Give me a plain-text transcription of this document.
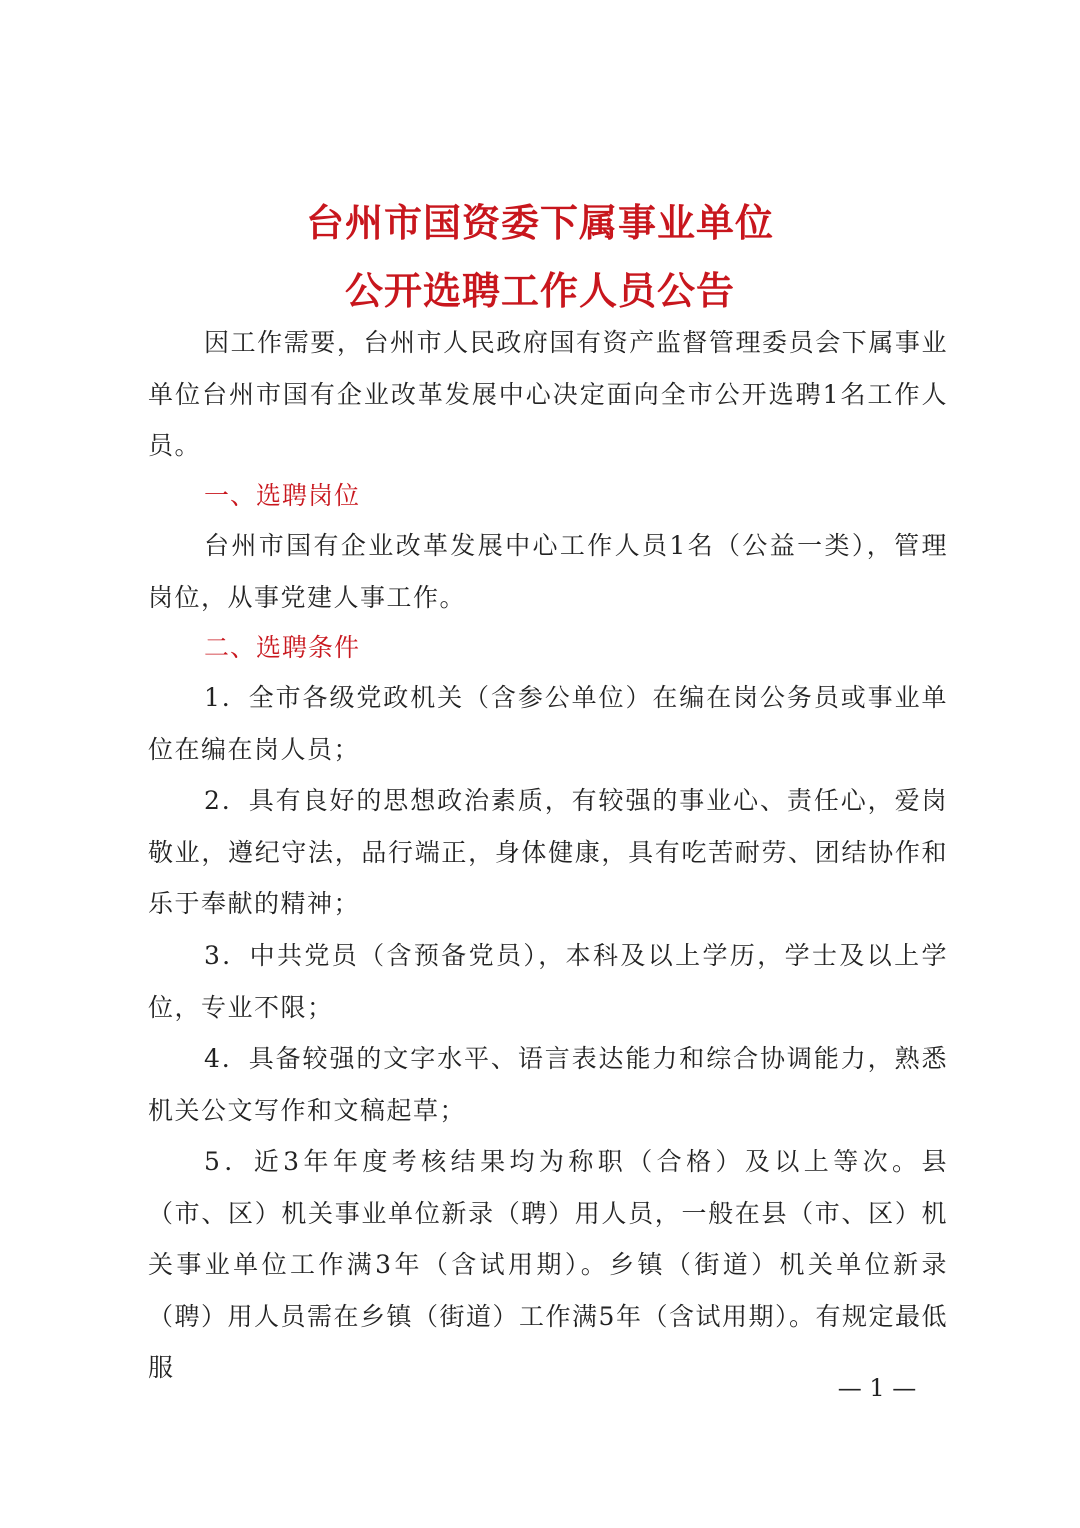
台州市国资委下属事业单位
公开选聘工作人员公告
因工作需要，台州市人民政府国有资产监督管理委员会下属事业单位台州市国有企业改革发展中心决定面向全市公开选聘1名工作人员。
一、选聘岗位
台州市国有企业改革发展中心工作人员1名（公益一类），管理岗位，从事党建人事工作。
二、选聘条件
1．全市各级党政机关（含参公单位）在编在岗公务员或事业单位在编在岗人员；
2．具有良好的思想政治素质，有较强的事业心、责任心，爱岗敬业，遵纪守法，品行端正，身体健康，具有吃苦耐劳、团结协作和乐于奉献的精神；
3．中共党员（含预备党员），本科及以上学历，学士及以上学位，专业不限；
4．具备较强的文字水平、语言表达能力和综合协调能力，熟悉机关公文写作和文稿起草；
5．近3年年度考核结果均为称职（合格）及以上等次。县（市、区）机关事业单位新录（聘）用人员，一般在县（市、区）机关事业单位工作满3年（含试用期）。乡镇（街道）机关单位新录（聘）用人员需在乡镇（街道）工作满5年（含试用期）。有规定最低服
— 1 —
